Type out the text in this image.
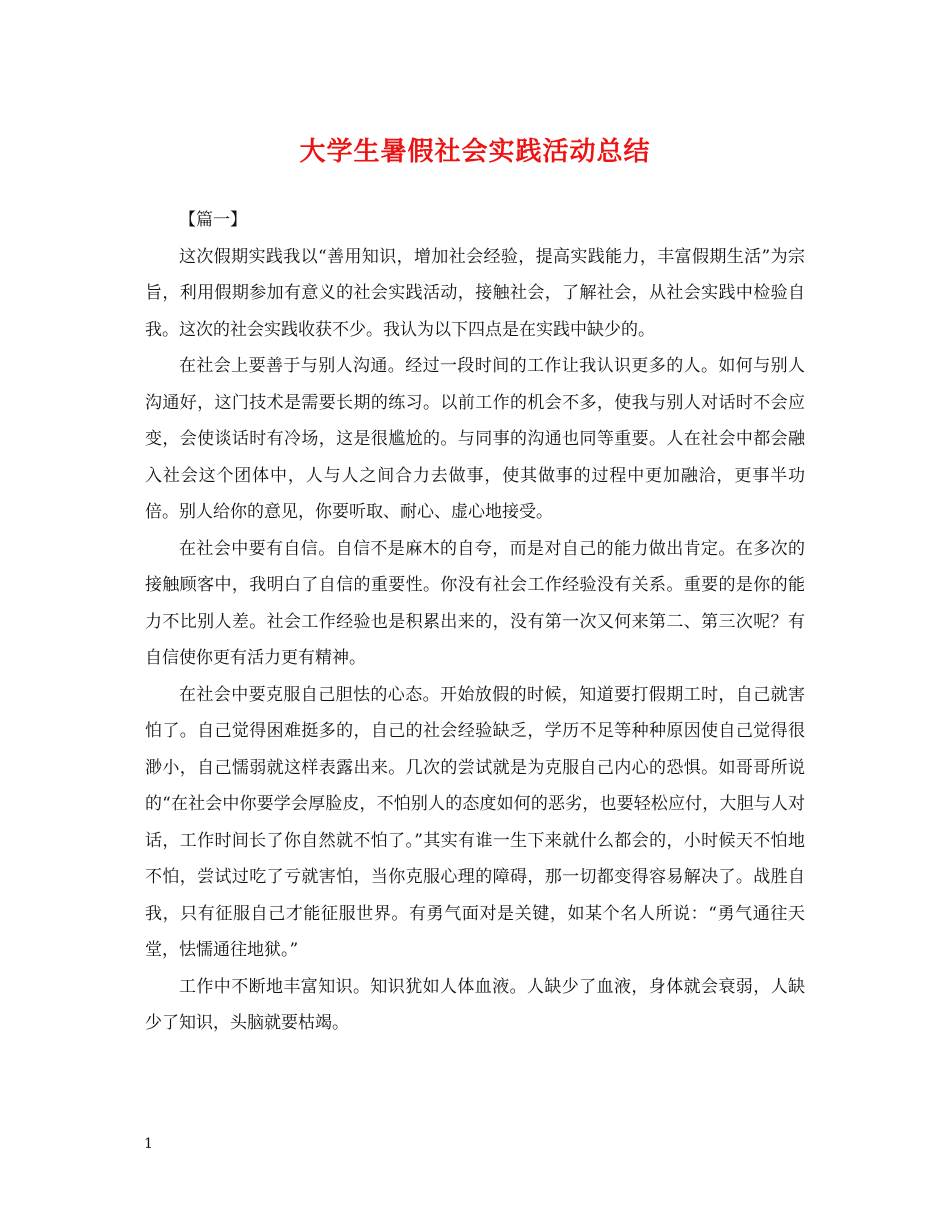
大学生暑假社会实践活动总结

【篇一】

这次假期实践我以“善用知识，增加社会经验，提高实践能力，丰富假期生活”为宗旨，利用假期参加有意义的社会实践活动，接触社会，了解社会，从社会实践中检验自我。这次的社会实践收获不少。我认为以下四点是在实践中缺少的。

在社会上要善于与别人沟通。经过一段时间的工作让我认识更多的人。如何与别人沟通好，这门技术是需要长期的练习。以前工作的机会不多，使我与别人对话时不会应变，会使谈话时有冷场，这是很尴尬的。与同事的沟通也同等重要。人在社会中都会融入社会这个团体中，人与人之间合力去做事，使其做事的过程中更加融洽，更事半功倍。别人给你的意见，你要听取、耐心、虚心地接受。

在社会中要有自信。自信不是麻木的自夸，而是对自己的能力做出肯定。在多次的接触顾客中，我明白了自信的重要性。你没有社会工作经验没有关系。重要的是你的能力不比别人差。社会工作经验也是积累出来的，没有第一次又何来第二、第三次呢？有自信使你更有活力更有精神。

在社会中要克服自己胆怯的心态。开始放假的时候，知道要打假期工时，自己就害怕了。自己觉得困难挺多的，自己的社会经验缺乏，学历不足等种种原因使自己觉得很渺小，自己懦弱就这样表露出来。几次的尝试就是为克服自己内心的恐惧。如哥哥所说的“在社会中你要学会厚脸皮，不怕别人的态度如何的恶劣，也要轻松应付，大胆与人对话，工作时间长了你自然就不怕了。”其实有谁一生下来就什么都会的，小时候天不怕地不怕，尝试过吃了亏就害怕，当你克服心理的障碍，那一切都变得容易解决了。战胜自我，只有征服自己才能征服世界。有勇气面对是关键，如某个名人所说：“勇气通往天堂，怯懦通往地狱。”

工作中不断地丰富知识。知识犹如人体血液。人缺少了血液，身体就会衰弱，人缺少了知识，头脑就要枯竭。

1
